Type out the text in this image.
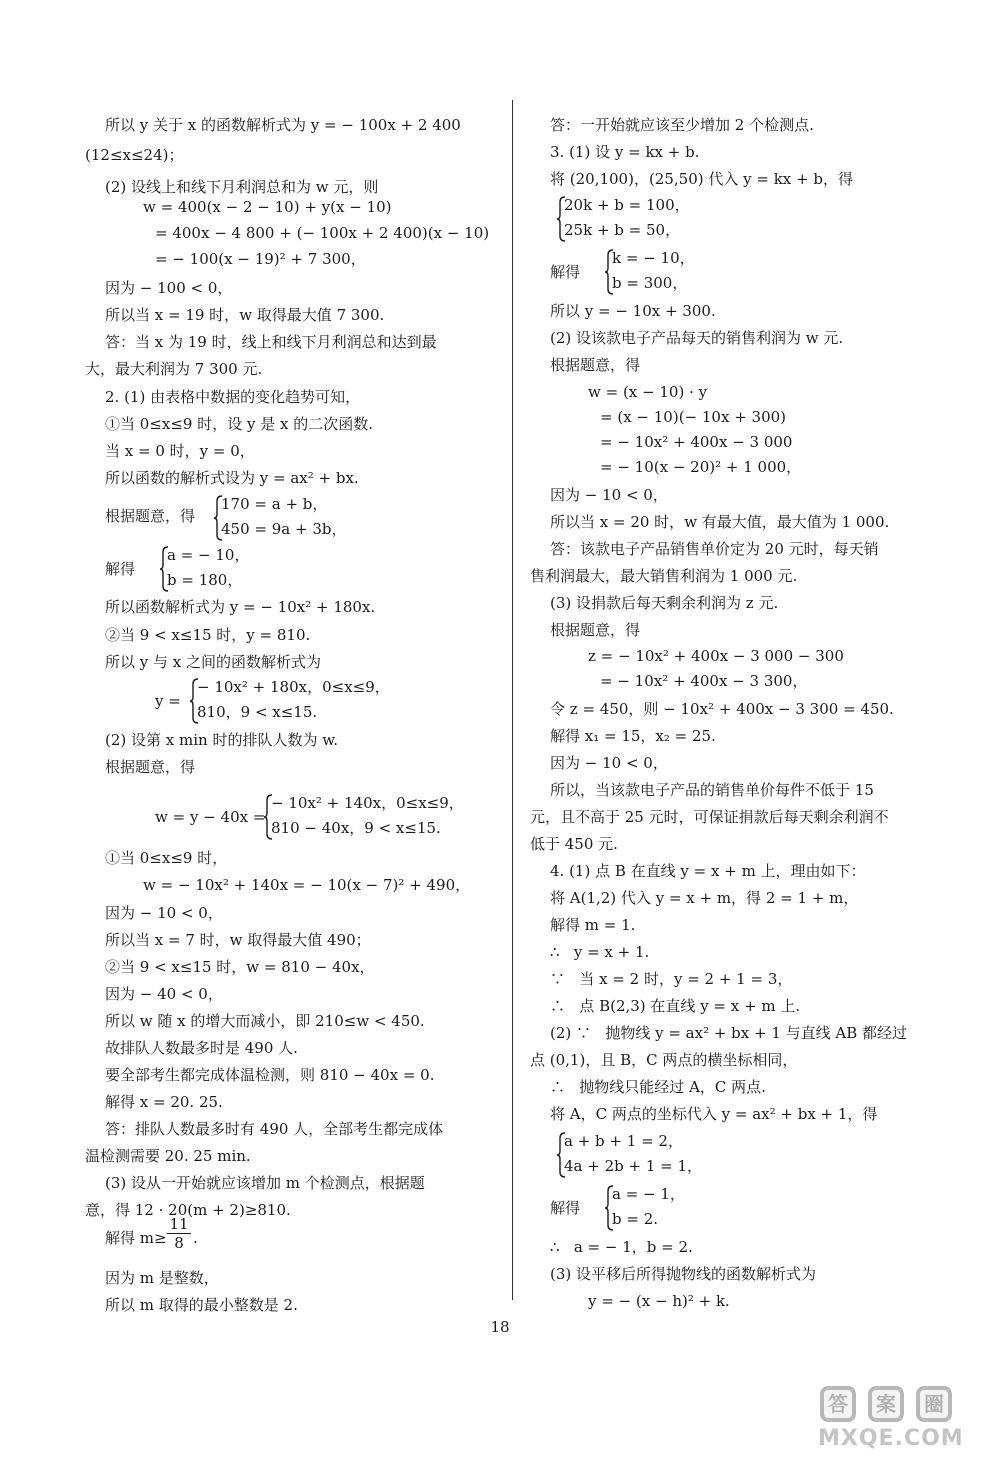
所以 y 关于 x 的函数解析式为 y = − 100x + 2 400
(12≤x≤24)；
(2) 设线上和线下月利润总和为 w 元，则
w = 400(x − 2 − 10) + y(x − 10)
= 400x − 4 800 + (− 100x + 2 400)(x − 10)
= − 100(x − 19)² + 7 300，
因为 − 100 < 0，
所以当 x = 19 时，w 取得最大值 7 300.
答：当 x 为 19 时，线上和线下月利润总和达到最
大，最大利润为 7 300 元.
2. (1) 由表格中数据的变化趋势可知，
①当 0≤x≤9 时，设 y 是 x 的二次函数.
当 x = 0 时，y = 0，
所以函数的解析式设为 y = ax² + bx.
根据题意，得
170 = a + b，
450 = 9a + 3b，
解得
a = − 10，
b = 180，
所以函数解析式为 y = − 10x² + 180x.
②当 9 < x≤15 时，y = 810.
所以 y 与 x 之间的函数解析式为
y =
− 10x² + 180x，0≤x≤9，
810，9 < x≤15.
(2) 设第 x min 时的排队人数为 w.
根据题意，得
w = y − 40x =
− 10x² + 140x，0≤x≤9，
810 − 40x，9 < x≤15.
①当 0≤x≤9 时，
w = − 10x² + 140x = − 10(x − 7)² + 490，
因为 − 10 < 0，
所以当 x = 7 时，w 取得最大值 490；
②当 9 < x≤15 时，w = 810 − 40x，
因为 − 40 < 0，
所以 w 随 x 的增大而减小，即 210≤w < 450.
故排队人数最多时是 490 人.
要全部考生都完成体温检测，则 810 − 40x = 0.
解得 x = 20. 25.
答：排队人数最多时有 490 人，全部考生都完成体
温检测需要 20. 25 min.
(3) 设从一开始就应该增加 m 个检测点，根据题
意，得 12 · 20(m + 2)≥810.
解得 m≥
因为 m 是整数，
所以 m 取得的最小整数是 2.
$\frac{11}{8}$ .
答：一开始就应该至少增加 2 个检测点.
3. (1) 设 y = kx + b.
将 (20,100)，(25,50) 代入 y = kx + b，得
20k + b = 100，
25k + b = 50，
解得
k = − 10，
b = 300，
所以 y = − 10x + 300.
(2) 设该款电子产品每天的销售利润为 w 元.
根据题意，得
w = (x − 10) · y
= (x − 10)(− 10x + 300)
= − 10x² + 400x − 3 000
= − 10(x − 20)² + 1 000，
因为 − 10 < 0，
所以当 x = 20 时，w 有最大值，最大值为 1 000.
答：该款电子产品销售单价定为 20 元时，每天销
售利润最大，最大销售利润为 1 000 元.
(3) 设捐款后每天剩余利润为 z 元.
根据题意，得
z = − 10x² + 400x − 3 000 − 300
= − 10x² + 400x − 3 300，
令 z = 450，则 − 10x² + 400x − 3 300 = 450.
解得 x₁ = 15，x₂ = 25.
因为 − 10 < 0，
所以，当该款电子产品的销售单价每件不低于 15
元，且不高于 25 元时，可保证捐款后每天剩余利润不
低于 450 元.
4. (1) 点 B 在直线 y = x + m 上，理由如下：
将 A(1,2) 代入 y = x + m，得 2 = 1 + m，
解得 m = 1.
∴   y = x + 1.
∵   当 x = 2 时，y = 2 + 1 = 3，
∴   点 B(2,3) 在直线 y = x + m 上.
(2) ∵   抛物线 y = ax² + bx + 1 与直线 AB 都经过
点 (0,1)，且 B，C 两点的横坐标相同，
∴   抛物线只能经过 A，C 两点.
将 A，C 两点的坐标代入 y = ax² + bx + 1，得
a + b + 1 = 2，
4a + 2b + 1 = 1，
解得
a = − 1，
b = 2.
∴   a = − 1，b = 2.
(3) 设平移后所得抛物线的函数解析式为
y = − (x − h)² + k.
18
答	案	圈
MXQE.COM
